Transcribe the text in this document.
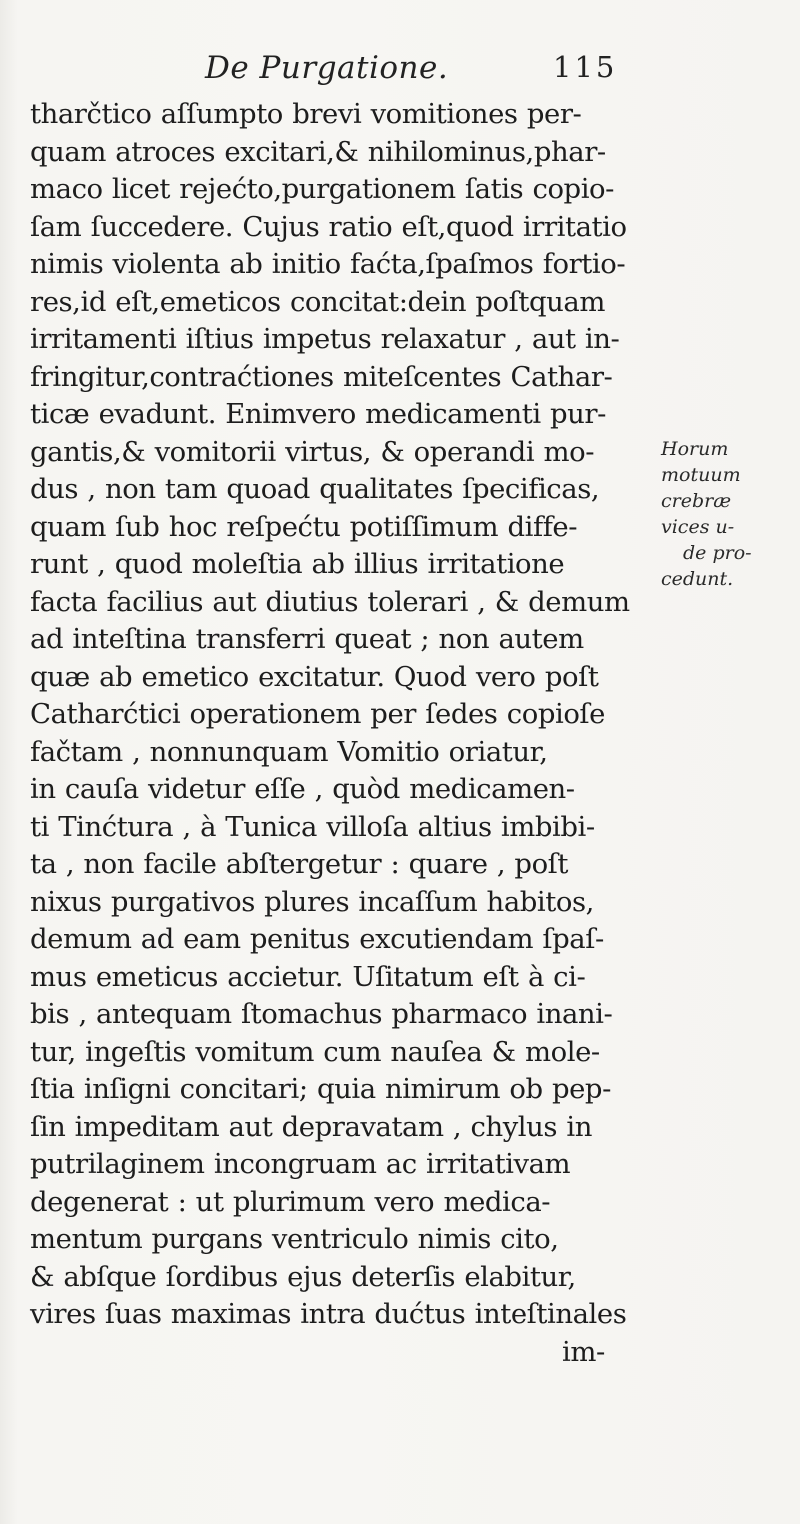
De Purgatione.	115
tharčtico aſſumpto brevi vomitiones per-
quam atroces excitari,& nihilominus,phar-
maco licet rejećto,purgationem ſatis copio-
ſam ſuccedere. Cujus ratio eſt,quod irritatio
nimis violenta ab initio faćta,ſpaſmos fortio-
res,id eſt,emeticos concitat:dein poſtquam
irritamenti iſtius impetus relaxatur , aut in-
fringitur,contraćtiones miteſcentes Cathar-
ticæ evadunt. Enimvero medicamenti pur-
gantis,& vomitorii virtus, & operandi mo-
dus , non tam quoad qualitates ſpecificas,
quam ſub hoc reſpećtu potiſſimum diffe-
runt , quod moleſtia ab illius irritatione
facta facilius aut diutius tolerari , & demum
ad inteſtina transferri queat ; non autem
quæ ab emetico excitatur. Quod vero poſt
Catharćtici operationem per ſedes copioſe
fačtam , nonnunquam Vomitio oriatur,
in cauſa videtur eſſe , quòd medicamen-
ti Tinćtura , à Tunica villoſa altius imbibi-
ta , non facile abſtergetur : quare , poſt
nixus purgativos plures incaſſum habitos,
demum ad eam penitus excutiendam ſpaſ-
mus emeticus accietur. Uſitatum eſt à ci-
bis , antequam ſtomachus pharmaco inani-
tur, ingeſtis vomitum cum nauſea & mole-
ſtia inſigni concitari; quia nimirum ob pep-
ſin impeditam aut depravatam , chylus in
putrilaginem incongruam ac irritativam
degenerat : ut plurimum vero medica-
mentum purgans ventriculo nimis cito,
& abſque ſordibus ejus deterſis elabitur,
vires ſuas maximas intra dućtus inteſtinales
im-
Horum
motuum
crebræ
vices u-
de pro-
cedunt.
